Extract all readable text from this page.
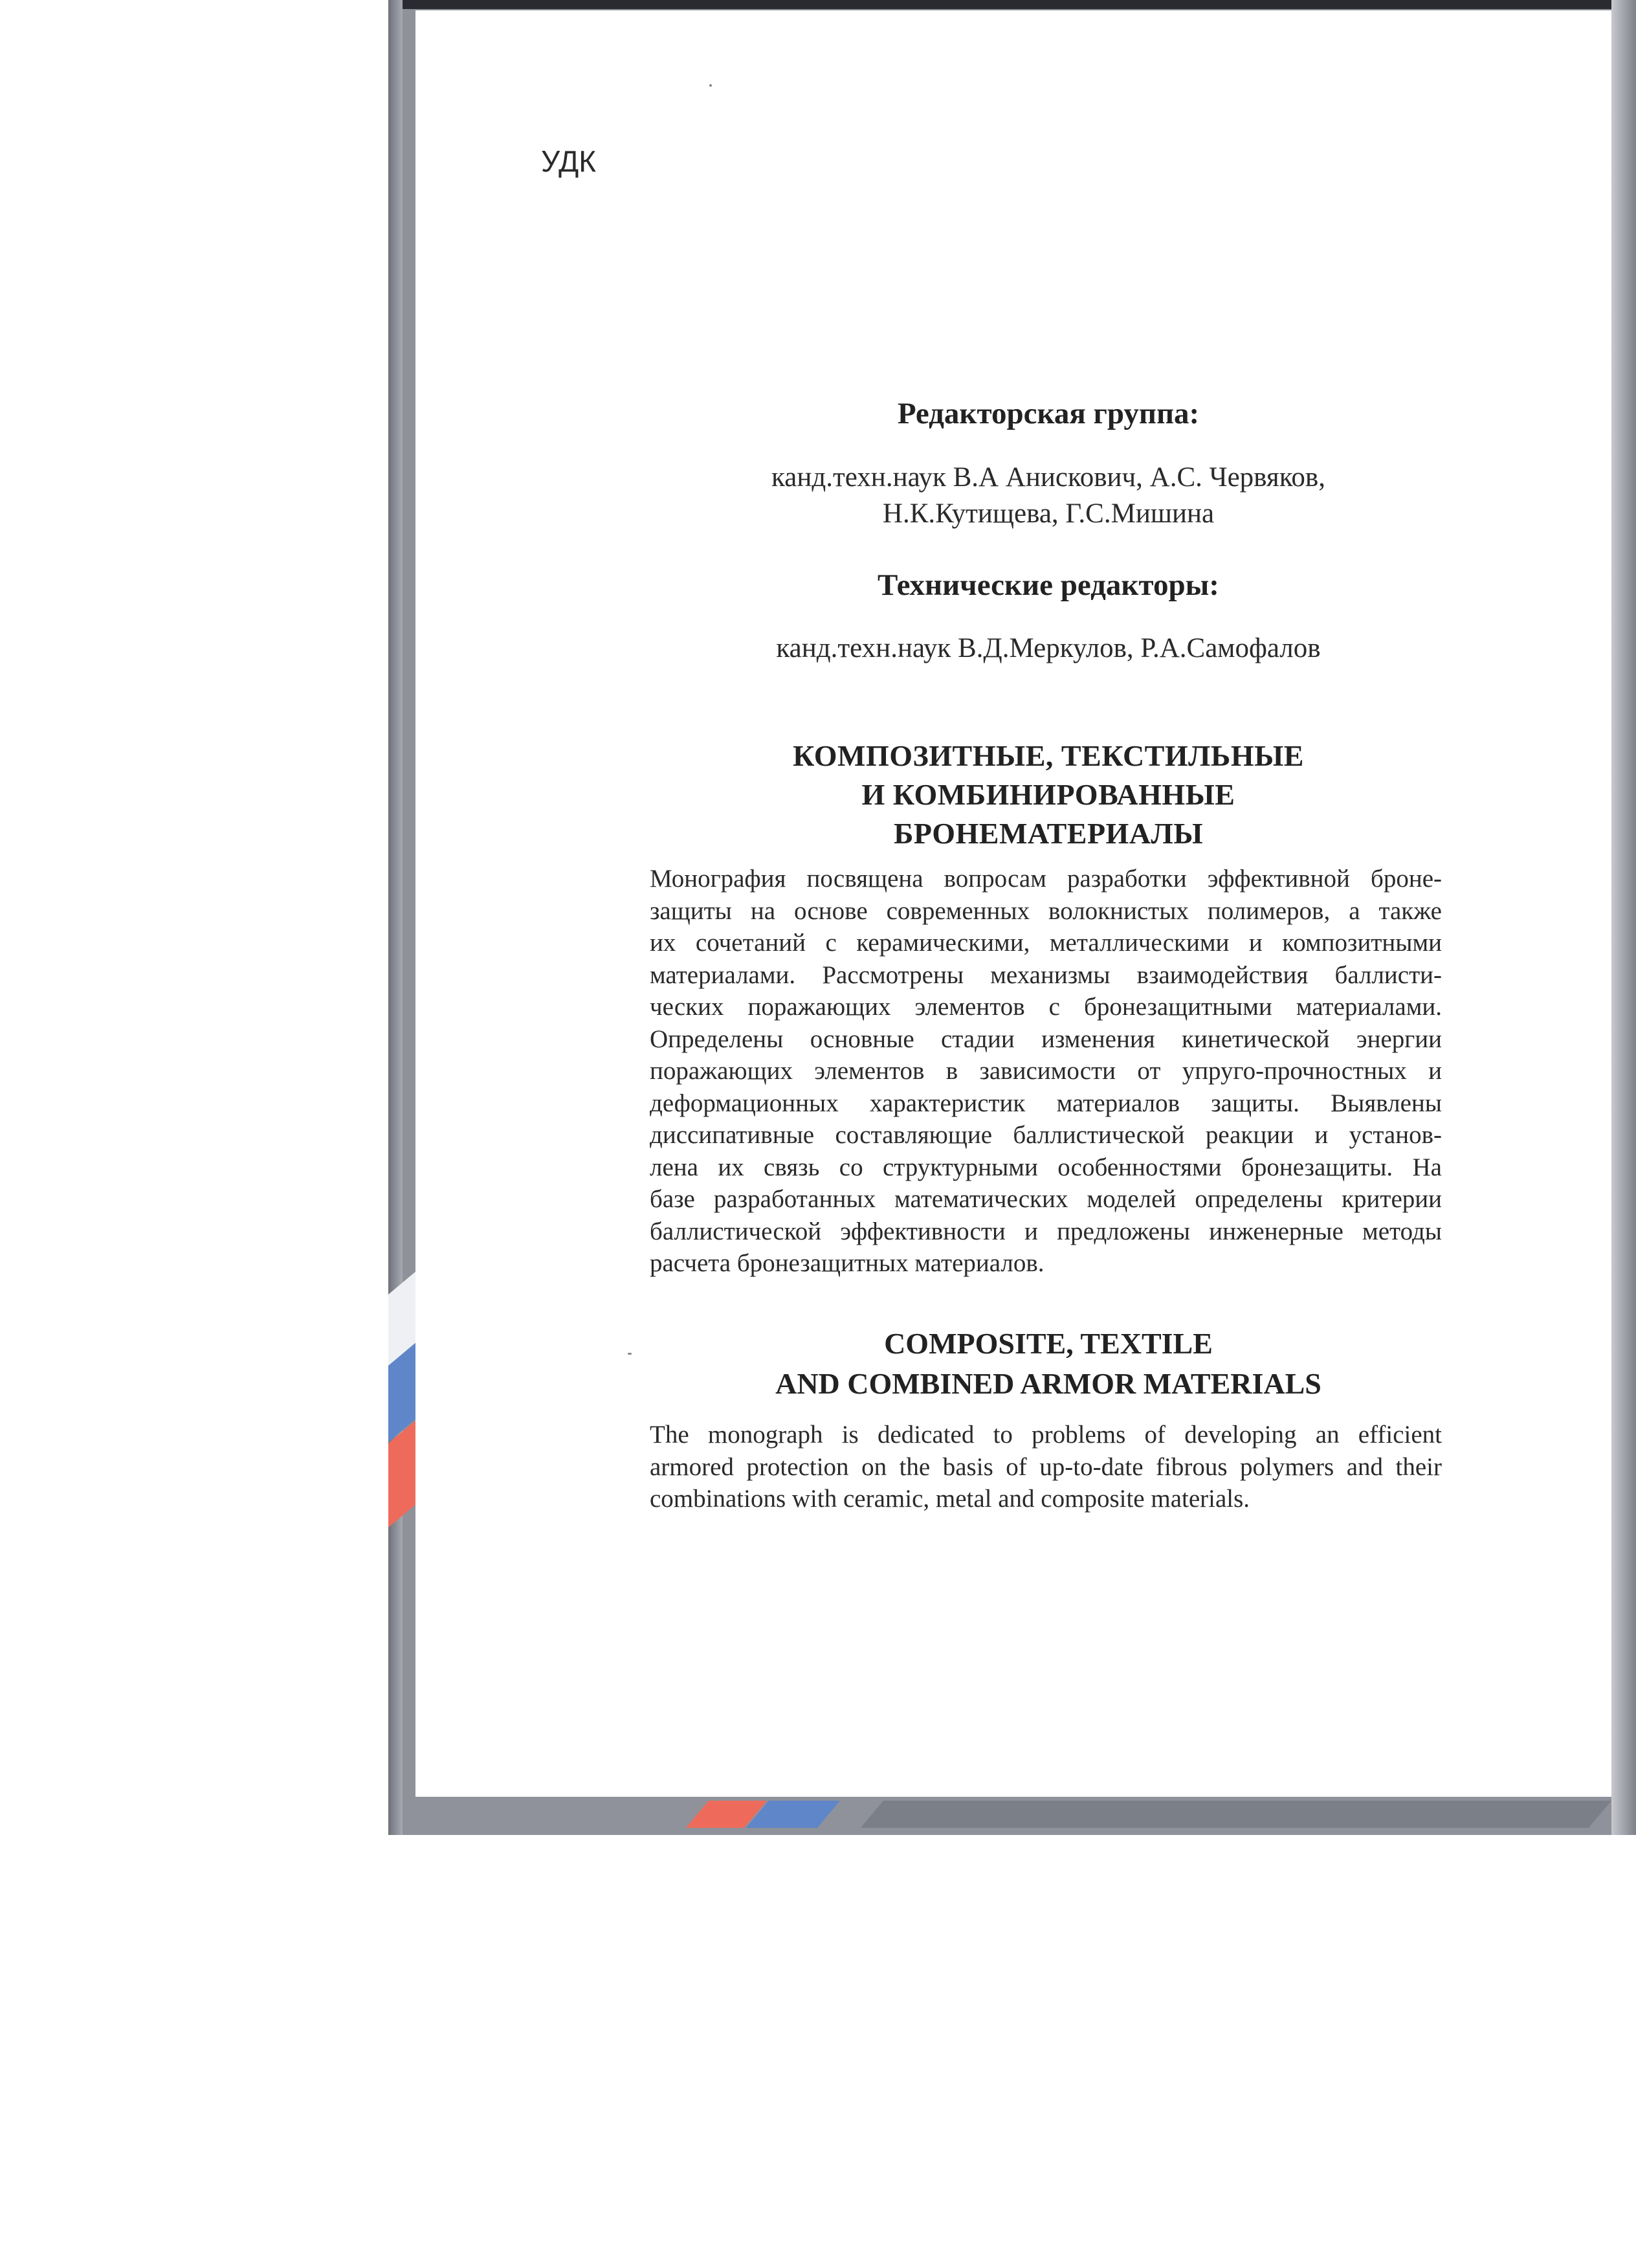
УДК

Редакторская группа:

канд.техн.наук В.А Анискович, А.С. Червяков,

Н.К.Кутищева, Г.С.Мишина

Технические редакторы:

канд.техн.наук В.Д.Меркулов, Р.А.Самофалов

КОМПОЗИТНЫЕ, ТЕКСТИЛЬНЫЕ

И КОМБИНИРОВАННЫЕ

БРОНЕМАТЕРИАЛЫ

Монография посвящена вопросам разработки эффективной броне-
защиты на основе современных волокнистых полимеров, а также
их сочетаний с керамическими, металлическими и композитными
материалами. Рассмотрены механизмы взаимодействия баллисти-
ческих поражающих элементов с бронезащитными материалами.
Определены основные стадии изменения кинетической энергии
поражающих элементов в зависимости от упруго-прочностных и
деформационных характеристик материалов защиты. Выявлены
диссипативные составляющие баллистической реакции и установ-
лена их связь со структурными особенностями бронезащиты. На
базе разработанных математических моделей определены критерии
баллистической эффективности и предложены инженерные методы
расчета бронезащитных материалов.

COMPOSITE, TEXTILE

AND COMBINED ARMOR MATERIALS

The monograph is dedicated to problems of developing an efficient
armored protection on the basis of up-to-date fibrous polymers and their
combinations with ceramic, metal and composite materials.
